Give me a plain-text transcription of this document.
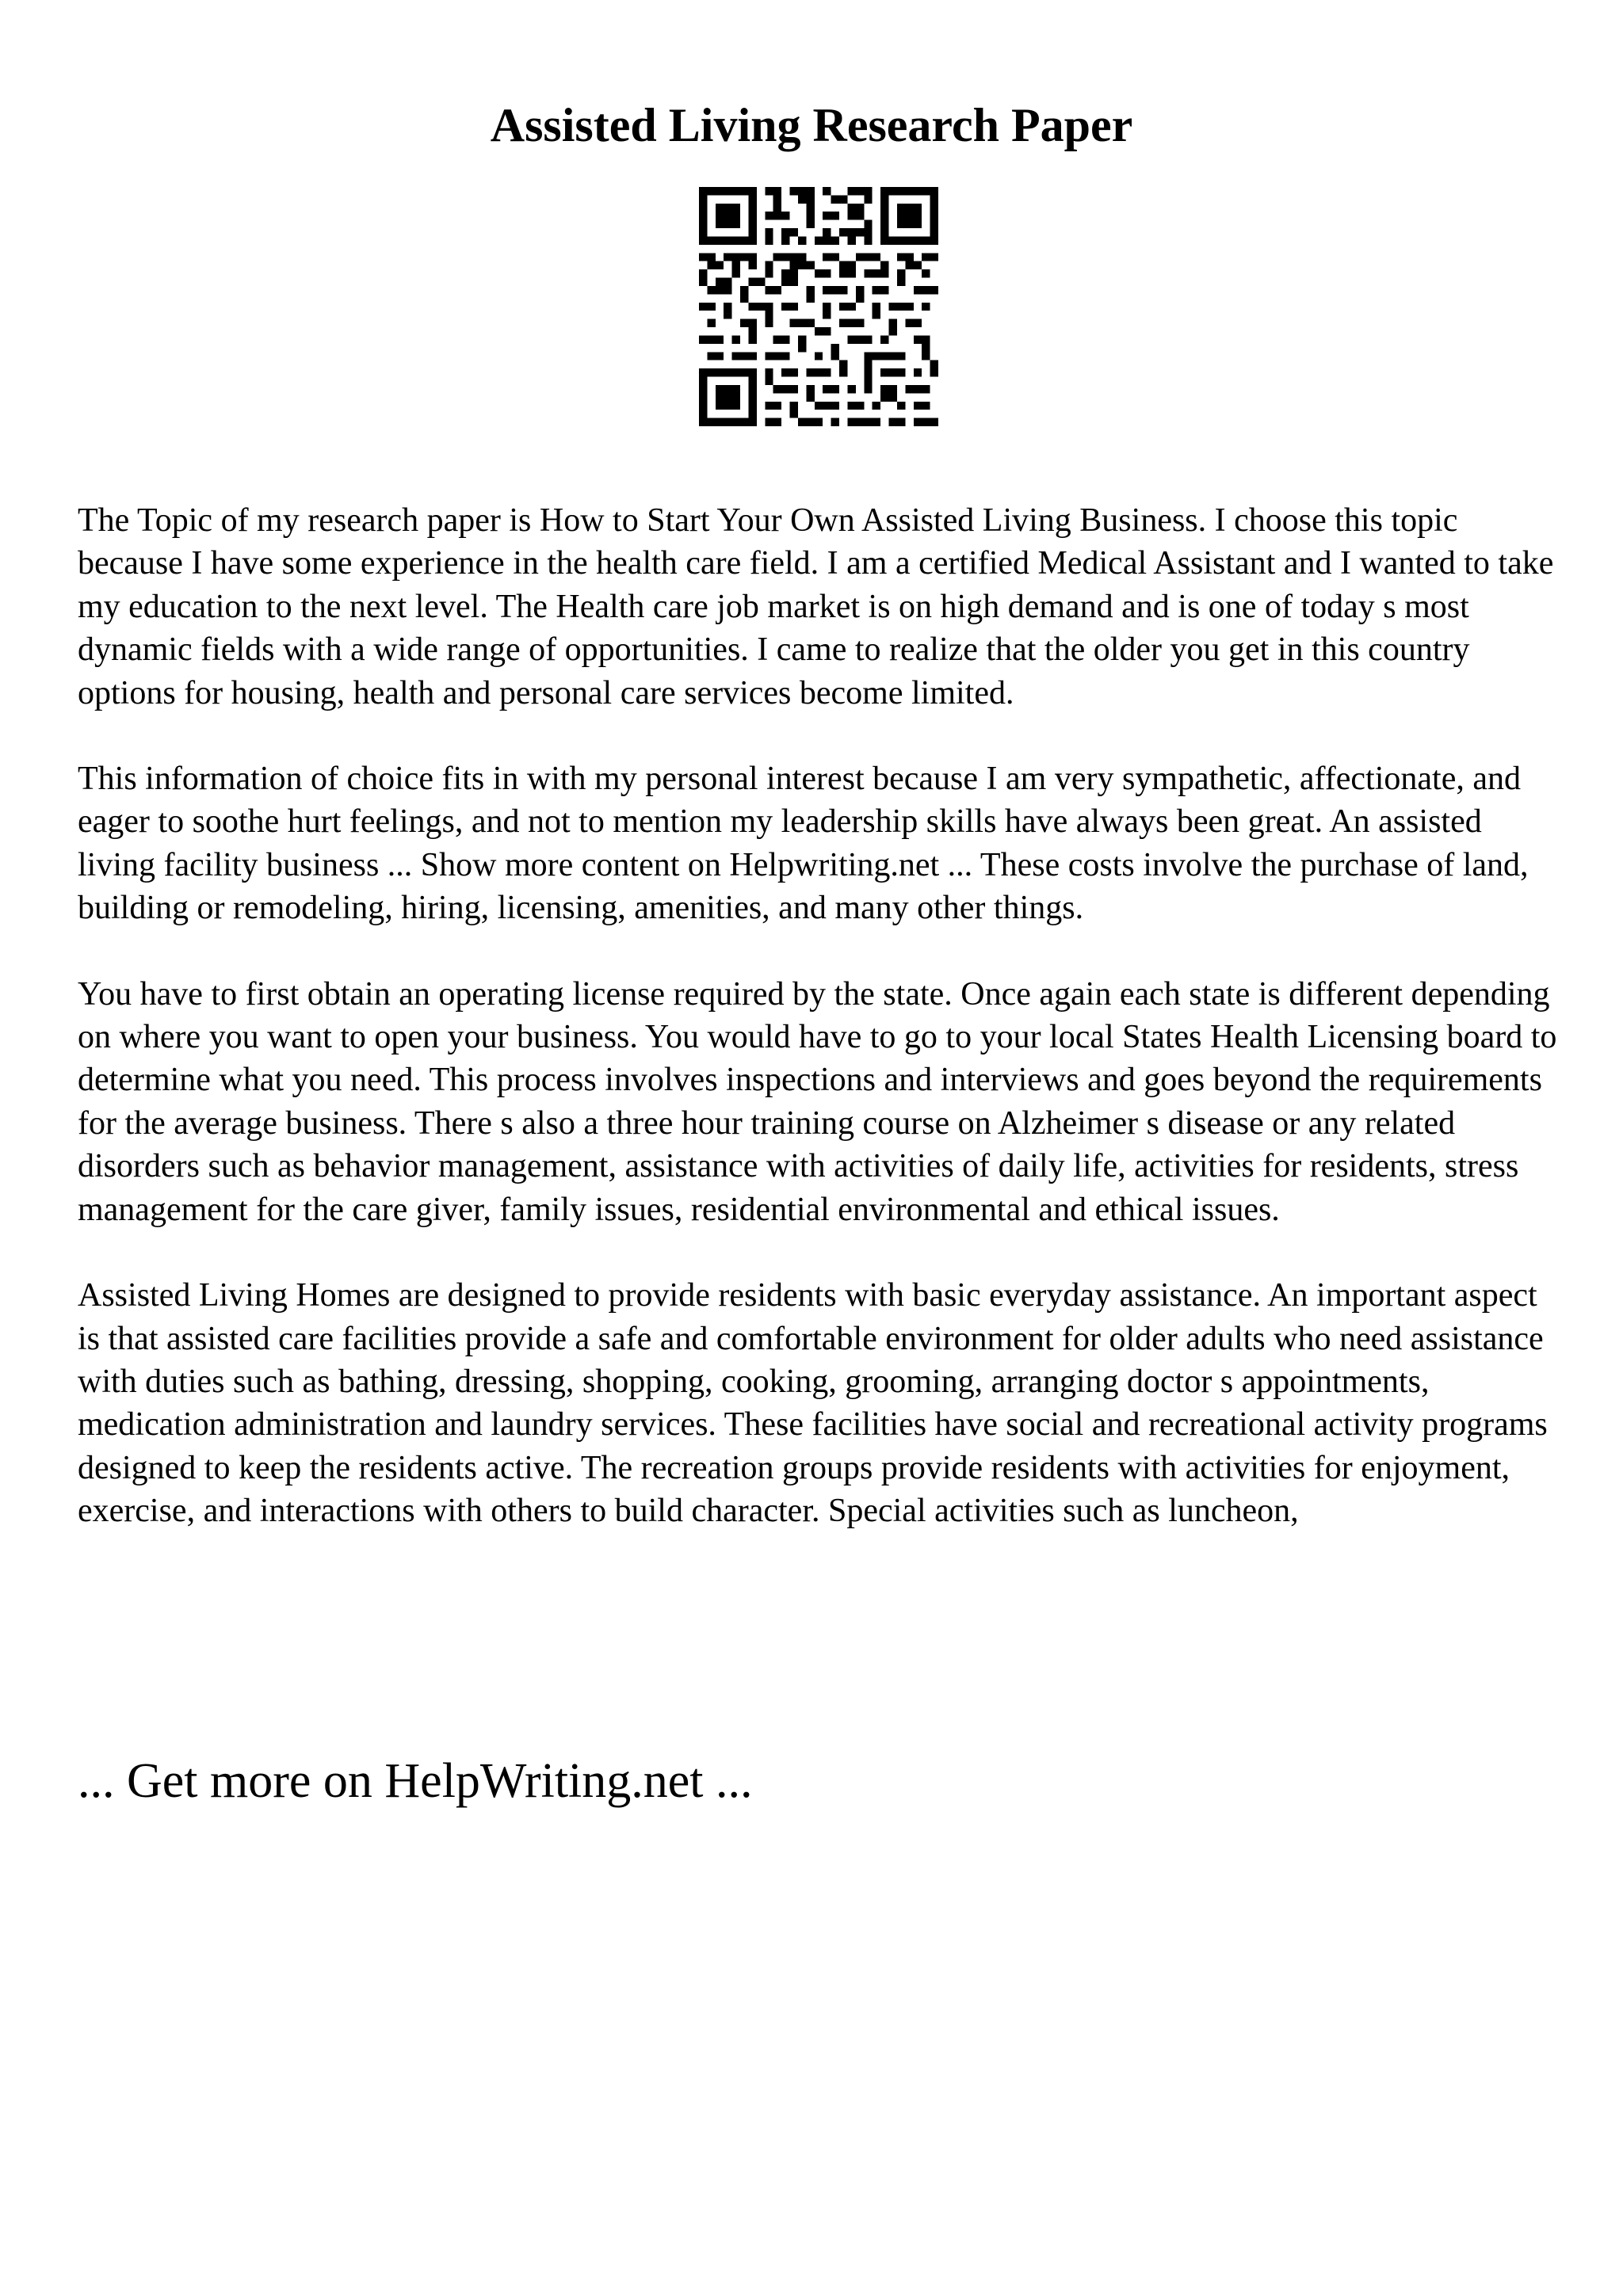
Assisted Living Research Paper

The Topic of my research paper is How to Start Your Own Assisted Living Business. I choose this topic because I have some experience in the health care field. I am a certified Medical Assistant and I wanted to take my education to the next level. The Health care job market is on high demand and is one of today s most dynamic fields with a wide range of opportunities. I came to realize that the older you get in this country options for housing, health and personal care services become limited.

This information of choice fits in with my personal interest because I am very sympathetic, affectionate, and eager to soothe hurt feelings, and not to mention my leadership skills have always been great. An assisted living facility business ... Show more content on Helpwriting.net ... These costs involve the purchase of land, building or remodeling, hiring, licensing, amenities, and many other things.

You have to first obtain an operating license required by the state. Once again each state is different depending on where you want to open your business. You would have to go to your local States Health Licensing board to determine what you need. This process involves inspections and interviews and goes beyond the requirements for the average business. There s also a three hour training course on Alzheimer s disease or any related disorders such as behavior management, assistance with activities of daily life, activities for residents, stress management for the care giver, family issues, residential environmental and ethical issues.

Assisted Living Homes are designed to provide residents with basic everyday assistance. An important aspect is that assisted care facilities provide a safe and comfortable environment for older adults who need assistance with duties such as bathing, dressing, shopping, cooking, grooming, arranging doctor s appointments, medication administration and laundry services. These facilities have social and recreational activity programs designed to keep the residents active. The recreation groups provide residents with activities for enjoyment, exercise, and interactions with others to build character. Special activities such as luncheon,

... Get more on HelpWriting.net ...
